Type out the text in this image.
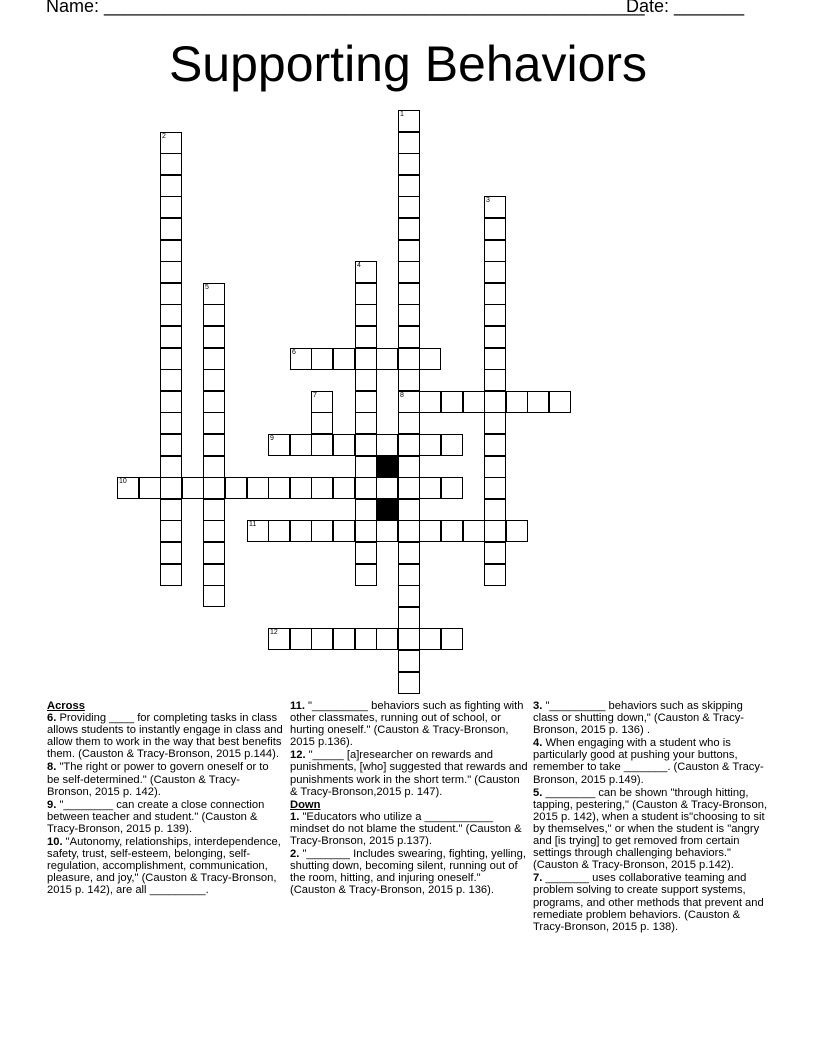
Name: ______________________________________________________
Date: _______
Supporting Behaviors
1
8
2
3
4
5
6
7
9
10
11
12
Across
6. Providing ____ for completing tasks in class allows students to instantly engage in class and allow them to work in the way that best benefits them. (Causton & Tracy-Bronson, 2015 p.144).
8. "The right or power to govern oneself or to be self-determined." (Causton & Tracy-Bronson, 2015 p. 142).
9. "________ can create a close connection between teacher and student." (Causton & Tracy-Bronson, 2015 p. 139).
10. "Autonomy, relationships, interdependence, safety, trust, self-esteem, belonging, self-regulation, accomplishment, communication, pleasure, and joy," (Causton & Tracy-Bronson, 2015 p. 142), are all _________.
11. "_________ behaviors such as fighting with other classmates, running out of school, or hurting oneself." (Causton & Tracy-Bronson, 2015 p.136).
12. "_____ [a]researcher on rewards and punishments, [who] suggested that rewards and punishments work in the short term." (Causton & Tracy-Bronson,2015 p. 147).
Down
1. "Educators who utilize a ___________ mindset do not blame the student." (Causton & Tracy-Bronson, 2015 p.137).
2. "_______ Includes swearing, fighting, yelling, shutting down, becoming silent, running out of the room, hitting, and injuring oneself." (Causton & Tracy-Bronson, 2015 p. 136).
3. "_________ behaviors such as skipping class or shutting down," (Causton & Tracy-Bronson, 2015 p. 136) .
4. When engaging with a student who is particularly good at pushing your buttons, remember to take _______. (Causton & Tracy-Bronson, 2015 p.149).
5. ________ can be shown "through hitting, tapping, pestering," (Causton & Tracy-Bronson, 2015 p. 142), when a student is"choosing to sit by themselves," or when the student is "angry and [is trying] to get removed from certain settings through challenging behaviors." (Causton & Tracy-Bronson, 2015 p.142).
7. _______ uses collaborative teaming and problem solving to create support systems, programs, and other methods that prevent and remediate problem behaviors. (Causton & Tracy-Bronson, 2015 p. 138).
